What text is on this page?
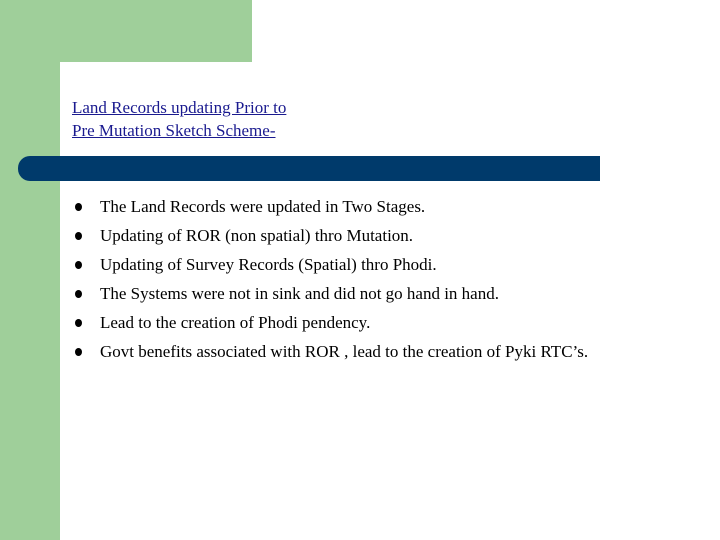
Land Records updating Prior to
Pre Mutation Sketch Scheme-
The Land Records were updated in Two Stages.
Updating of ROR (non spatial) thro Mutation.
Updating of Survey Records (Spatial) thro Phodi.
The Systems were not in sink and did not go hand in hand.
Lead to the creation of Phodi pendency.
Govt benefits associated with ROR , lead to the creation of Pyki RTC’s.
